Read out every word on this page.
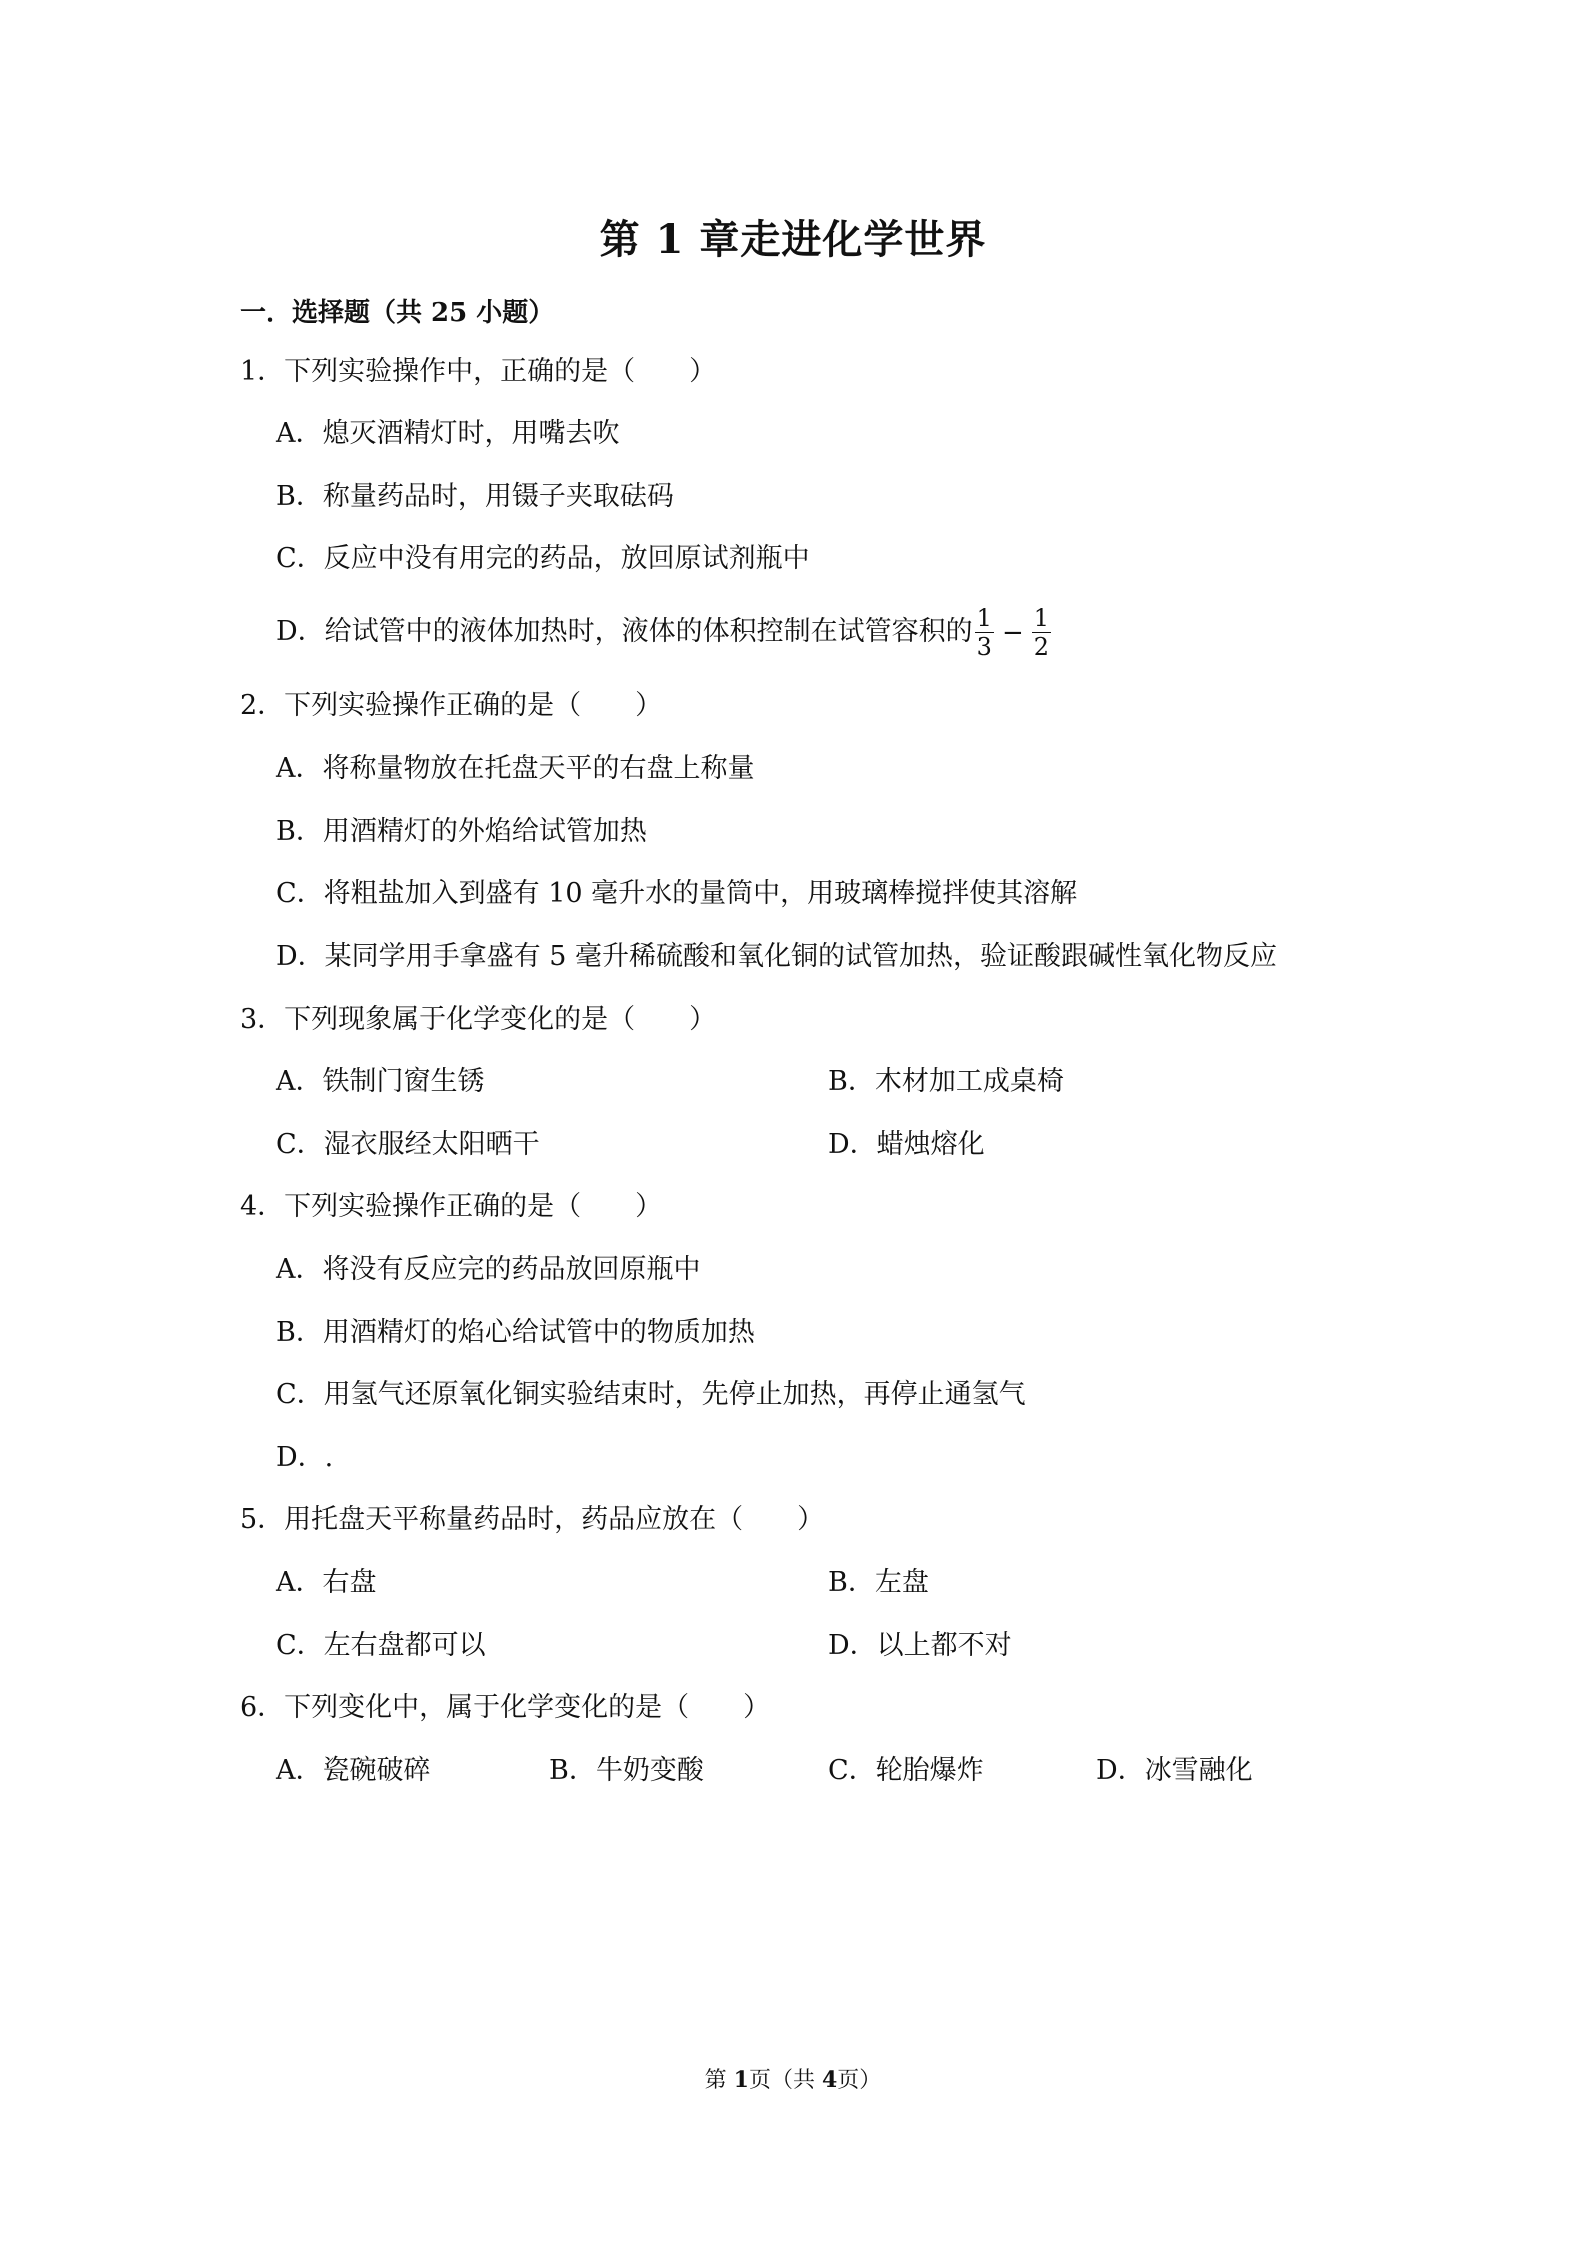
第 1 章走进化学世界
一．选择题（共 25 小题）
1．下列实验操作中，正确的是（　　）
A．熄灭酒精灯时，用嘴去吹
B．称量药品时，用镊子夹取砝码
C．反应中没有用完的药品，放回原试剂瓶中
D．给试管中的液体加热时，液体的体积控制在试管容积的 $\frac{1}{3} - \frac{1}{2}$
2．下列实验操作正确的是（　　）
A．将称量物放在托盘天平的右盘上称量
B．用酒精灯的外焰给试管加热
C．将粗盐加入到盛有 10 毫升水的量筒中，用玻璃棒搅拌使其溶解
D．某同学用手拿盛有 5 毫升稀硫酸和氧化铜的试管加热，验证酸跟碱性氧化物反应
3．下列现象属于化学变化的是（　　）
A．铁制门窗生锈	B．木材加工成桌椅
C．湿衣服经太阳晒干	D．蜡烛熔化
4．下列实验操作正确的是（　　）
A．将没有反应完的药品放回原瓶中
B．用酒精灯的焰心给试管中的物质加热
C．用氢气还原氧化铜实验结束时，先停止加热，再停止通氢气
D．.
5．用托盘天平称量药品时，药品应放在（　　）
A．右盘	B．左盘
C．左右盘都可以	D．以上都不对
6．下列变化中，属于化学变化的是（　　）
A．瓷碗破碎	B．牛奶变酸	C．轮胎爆炸	D．冰雪融化
第 1页（共 4页）
